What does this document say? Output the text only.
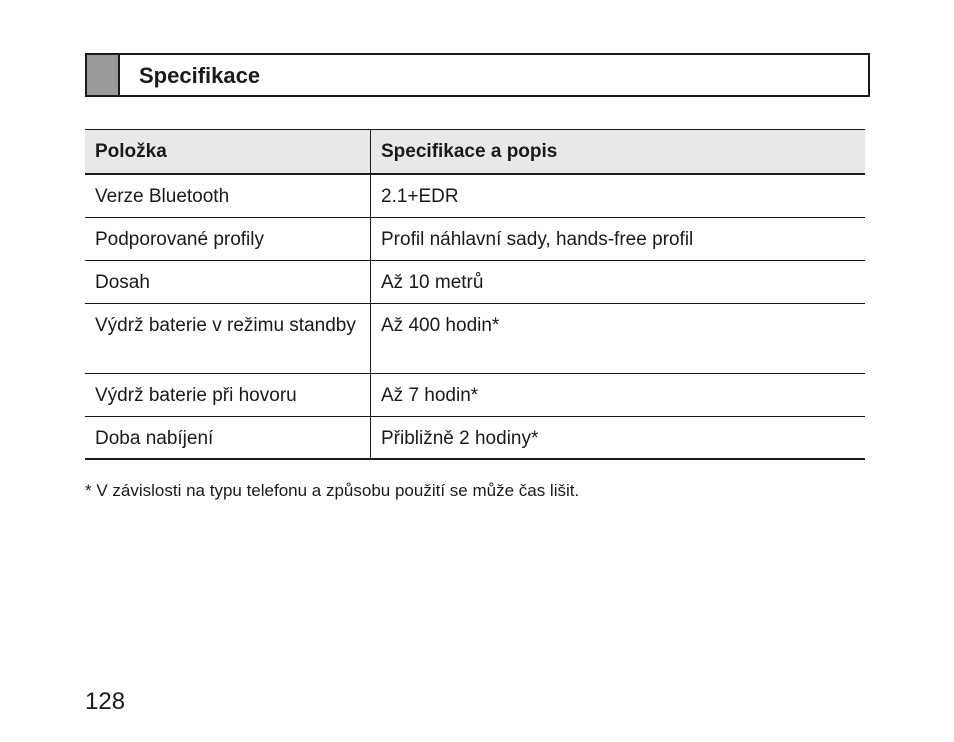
Specifikace
Položka	Specifikace a popis
Verze Bluetooth	2.1+EDR
Podporované profily	Profil náhlavní sady, hands-free profil
Dosah	Až 10 metrů
Výdrž baterie v režimu standby	Až 400 hodin*
Výdrž baterie při hovoru	Až 7 hodin*
Doba nabíjení	Přibližně 2 hodiny*
* V závislosti na typu telefonu a způsobu použití se může čas lišit.
128
